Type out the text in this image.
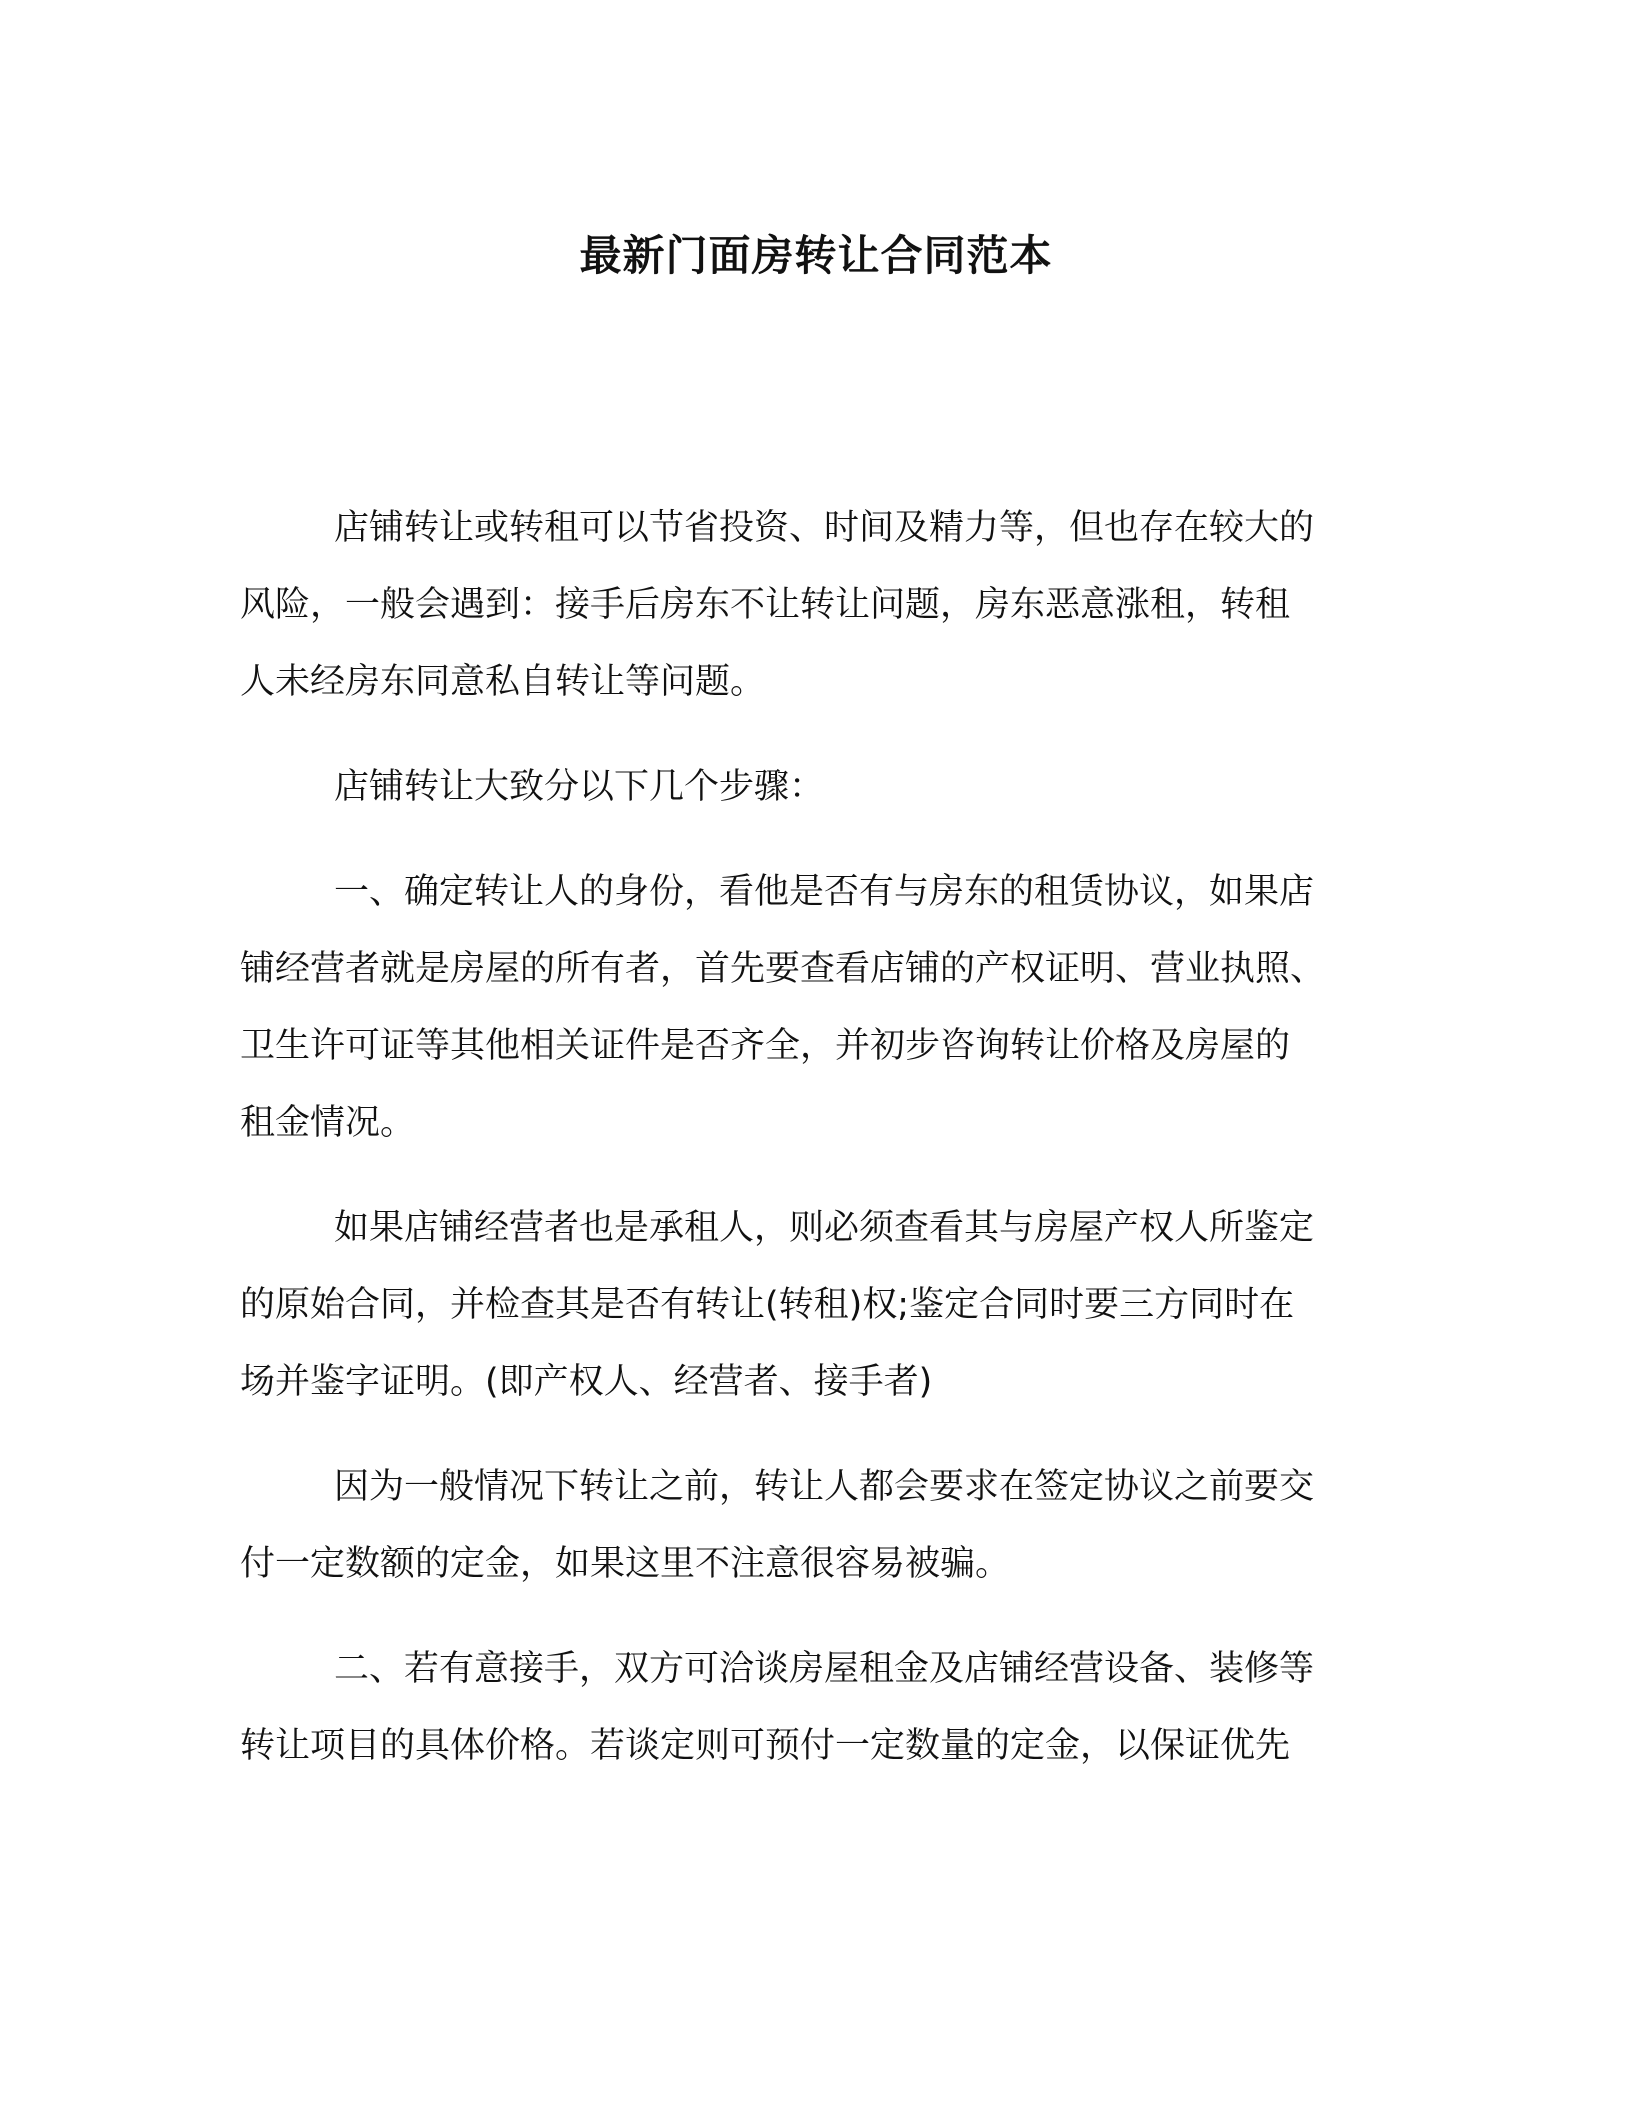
最新门面房转让合同范本

店铺转让或转租可以节省投资、时间及精力等，但也存在较大的
风险，一般会遇到：接手后房东不让转让问题，房东恶意涨租，转租
人未经房东同意私自转让等问题。

店铺转让大致分以下几个步骤：

一、确定转让人的身份，看他是否有与房东的租赁协议，如果店
铺经营者就是房屋的所有者，首先要查看店铺的产权证明、营业执照、
卫生许可证等其他相关证件是否齐全，并初步咨询转让价格及房屋的
租金情况。

如果店铺经营者也是承租人，则必须查看其与房屋产权人所鉴定
的原始合同，并检查其是否有转让(转租)权;鉴定合同时要三方同时在
场并鉴字证明。(即产权人、经营者、接手者)

因为一般情况下转让之前，转让人都会要求在签定协议之前要交
付一定数额的定金，如果这里不注意很容易被骗。

二、若有意接手，双方可洽谈房屋租金及店铺经营设备、装修等
转让项目的具体价格。若谈定则可预付一定数量的定金，以保证优先
